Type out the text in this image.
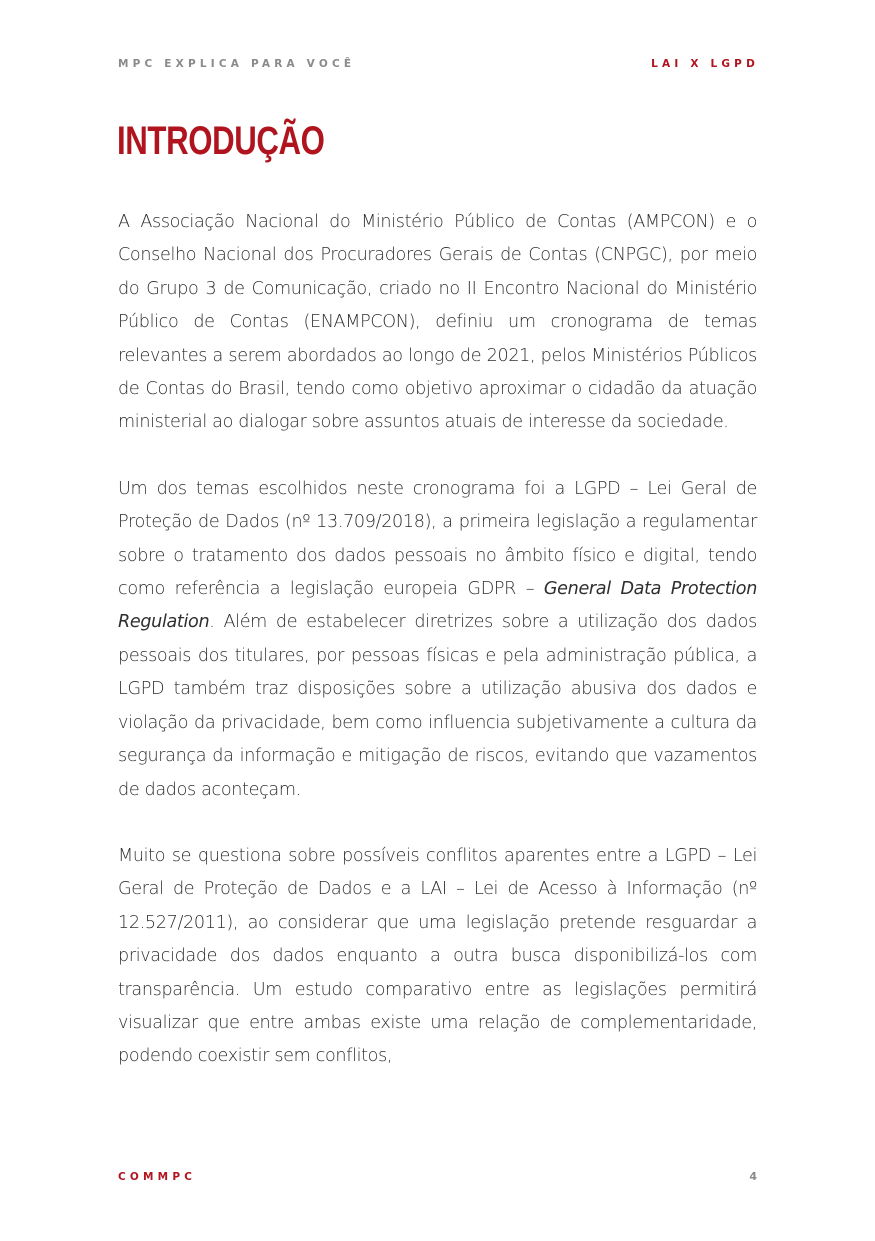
MPC EXPLICA PARA VOCÊ	LAI X LGPD
INTRODUÇÃO

A Associação Nacional do Ministério Público de Contas (AMPCON) e o Conselho Nacional dos Procuradores Gerais de Contas (CNPGC), por meio do Grupo 3 de Comunicação, criado no II Encontro Nacional do Ministério Público de Contas (ENAMPCON), definiu um cronograma de temas relevantes a serem abordados ao longo de 2021, pelos Ministérios Públicos de Contas do Brasil, tendo como objetivo aproximar o cidadão da atuação ministerial ao dialogar sobre assuntos atuais de interesse da sociedade.

Um dos temas escolhidos neste cronograma foi a LGPD – Lei Geral de Proteção de Dados (nº 13.709/2018), a primeira legislação a regulamentar sobre o tratamento dos dados pessoais no âmbito físico e digital, tendo como referência a legislação europeia GDPR – General Data Protection Regulation. Além de estabelecer diretrizes sobre a utilização dos dados pessoais dos titulares, por pessoas físicas e pela administração pública, a LGPD também traz disposições sobre a utilização abusiva dos dados e violação da privacidade, bem como influencia subjetivamente a cultura da segurança da informação e mitigação de riscos, evitando que vazamentos de dados aconteçam.

Muito se questiona sobre possíveis conflitos aparentes entre a LGPD – Lei Geral de Proteção de Dados e a LAI – Lei de Acesso à Informação (nº 12.527/2011), ao considerar que uma legislação pretende resguardar a privacidade dos dados enquanto a outra busca disponibilizá-los com transparência. Um estudo comparativo entre as legislações permitirá visualizar que entre ambas existe uma relação de complementaridade, podendo coexistir sem conflitos,

COMMPC	4
